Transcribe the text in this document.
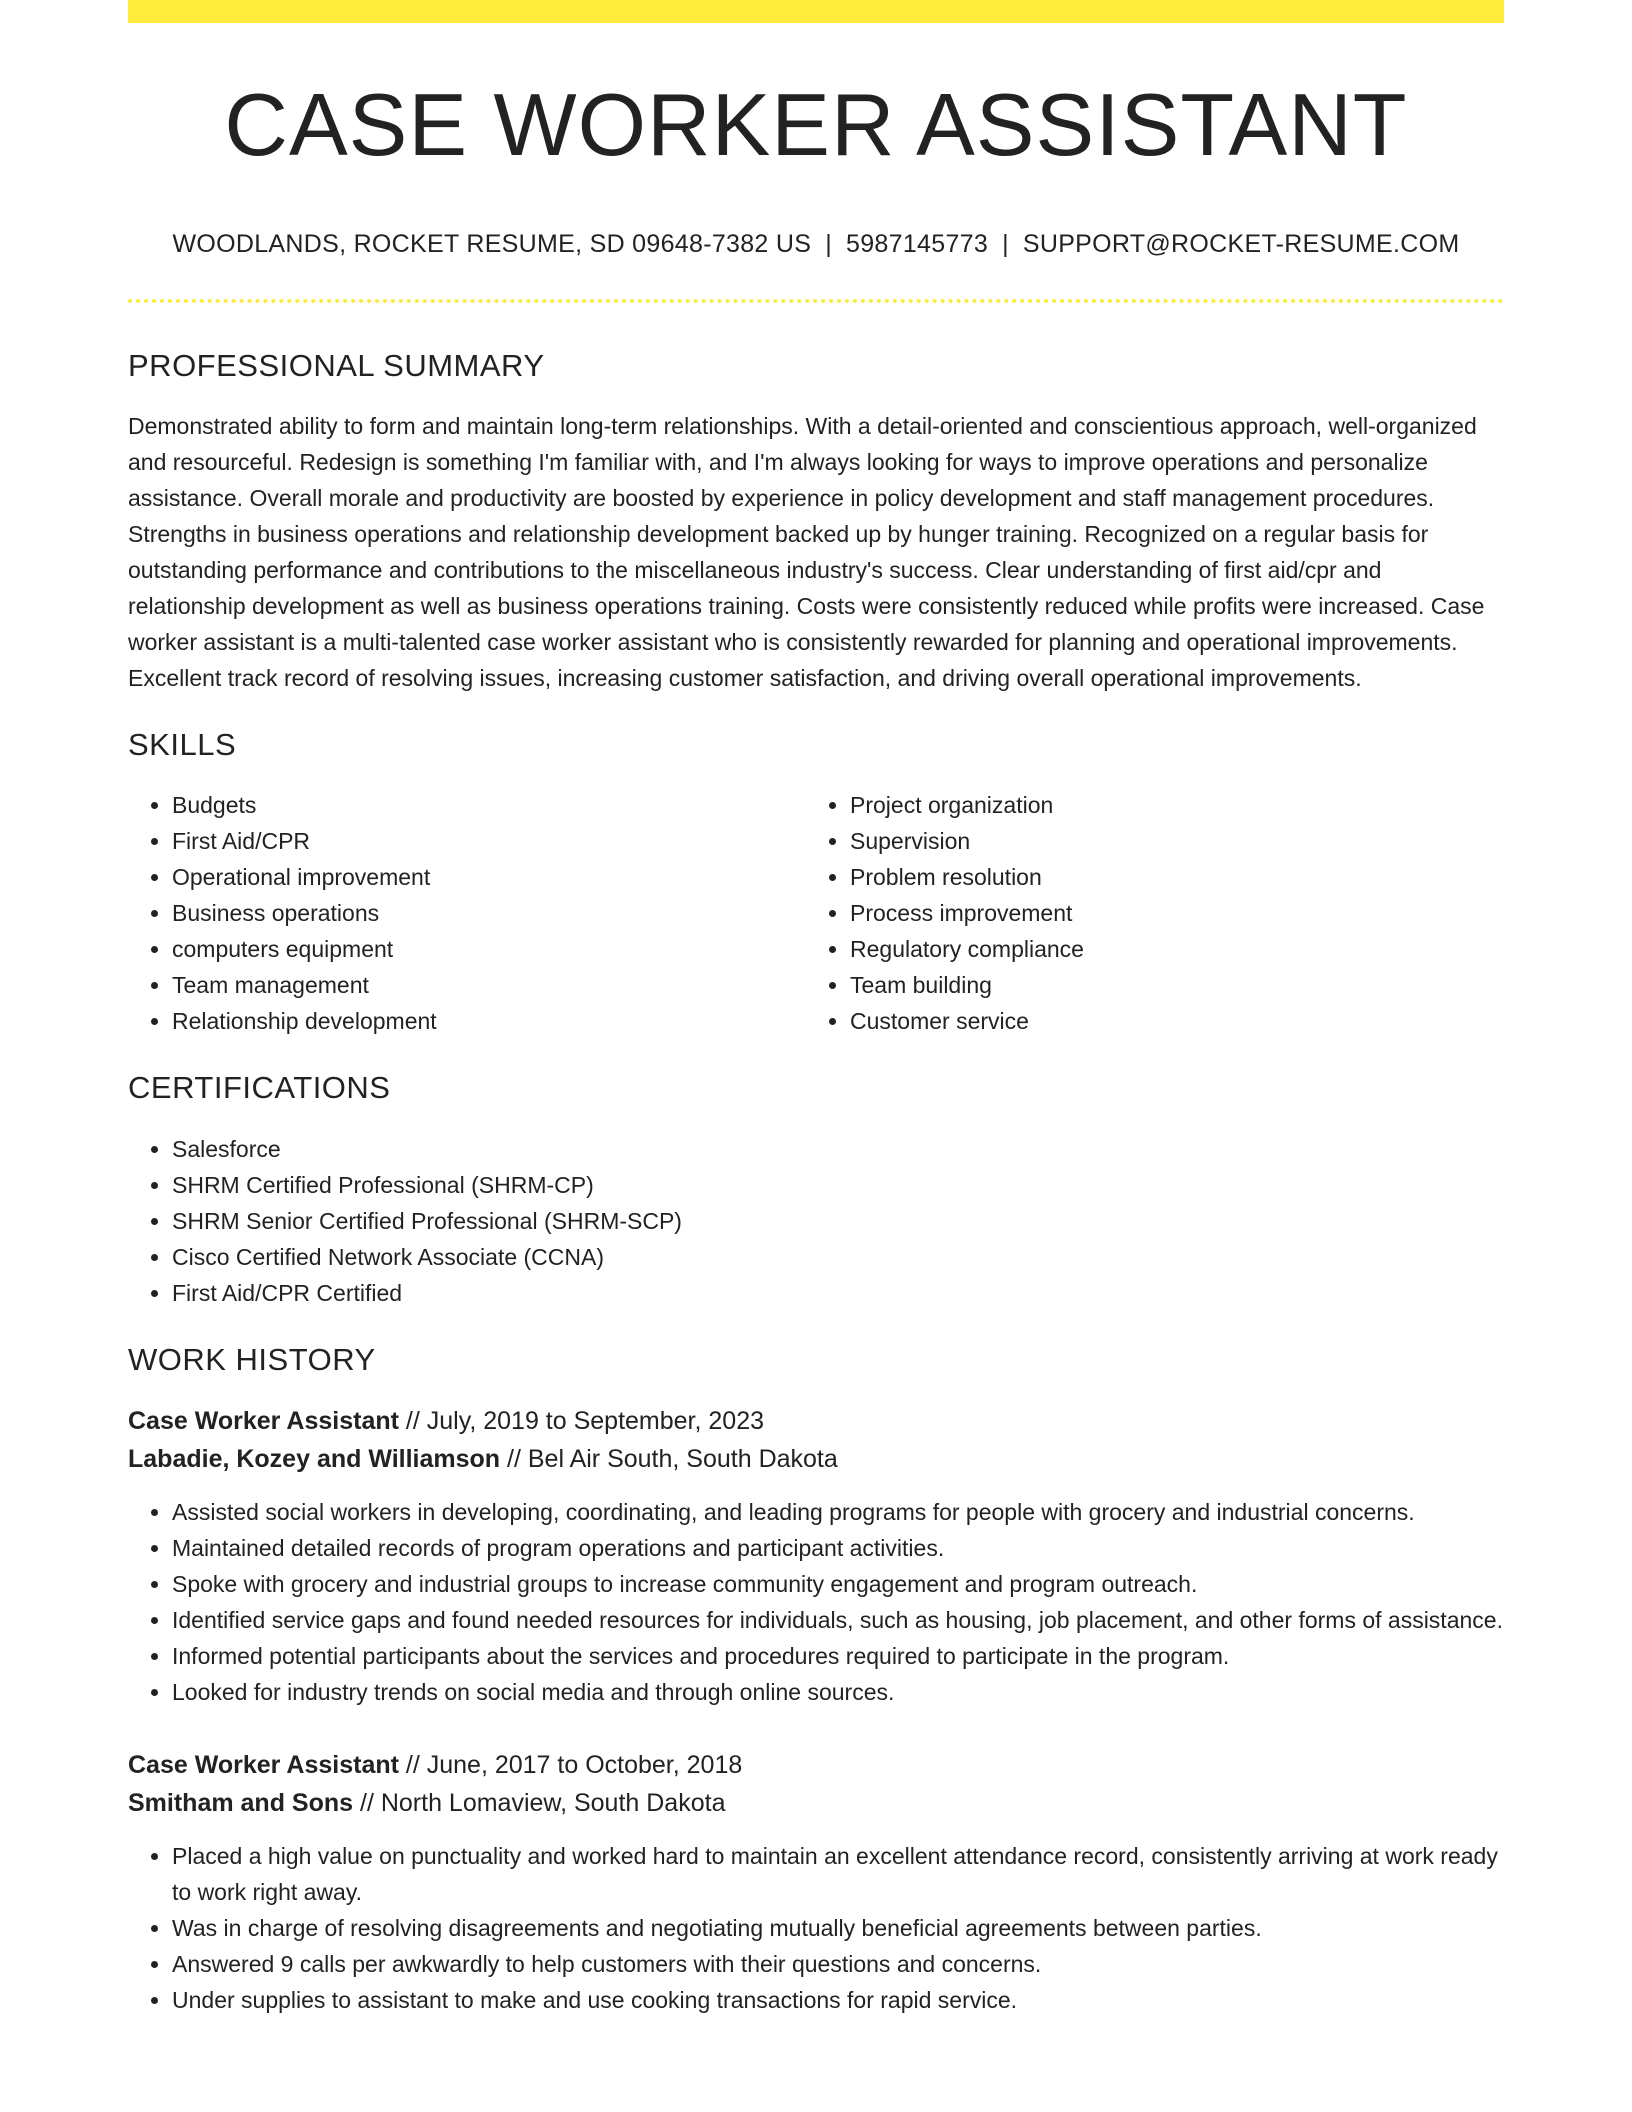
CASE WORKER ASSISTANT
WOODLANDS, ROCKET RESUME, SD 09648-7382 US | 5987145773 | SUPPORT@ROCKET-RESUME.COM
PROFESSIONAL SUMMARY
Demonstrated ability to form and maintain long-term relationships. With a detail-oriented and conscientious approach, well-organized and resourceful. Redesign is something I'm familiar with, and I'm always looking for ways to improve operations and personalize assistance. Overall morale and productivity are boosted by experience in policy development and staff management procedures. Strengths in business operations and relationship development backed up by hunger training. Recognized on a regular basis for outstanding performance and contributions to the miscellaneous industry's success. Clear understanding of first aid/cpr and relationship development as well as business operations training. Costs were consistently reduced while profits were increased. Case worker assistant is a multi-talented case worker assistant who is consistently rewarded for planning and operational improvements. Excellent track record of resolving issues, increasing customer satisfaction, and driving overall operational improvements.
SKILLS
• Budgets
• First Aid/CPR
• Operational improvement
• Business operations
• computers equipment
• Team management
• Relationship development
• Project organization
• Supervision
• Problem resolution
• Process improvement
• Regulatory compliance
• Team building
• Customer service
CERTIFICATIONS
• Salesforce
• SHRM Certified Professional (SHRM-CP)
• SHRM Senior Certified Professional (SHRM-SCP)
• Cisco Certified Network Associate (CCNA)
• First Aid/CPR Certified
WORK HISTORY
Case Worker Assistant // July, 2019 to September, 2023
Labadie, Kozey and Williamson // Bel Air South, South Dakota
• Assisted social workers in developing, coordinating, and leading programs for people with grocery and industrial concerns.
• Maintained detailed records of program operations and participant activities.
• Spoke with grocery and industrial groups to increase community engagement and program outreach.
• Identified service gaps and found needed resources for individuals, such as housing, job placement, and other forms of assistance.
• Informed potential participants about the services and procedures required to participate in the program.
• Looked for industry trends on social media and through online sources.
Case Worker Assistant // June, 2017 to October, 2018
Smitham and Sons // North Lomaview, South Dakota
• Placed a high value on punctuality and worked hard to maintain an excellent attendance record, consistently arriving at work ready to work right away.
• Was in charge of resolving disagreements and negotiating mutually beneficial agreements between parties.
• Answered 9 calls per awkwardly to help customers with their questions and concerns.
• Under supplies to assistant to make and use cooking transactions for rapid service.
